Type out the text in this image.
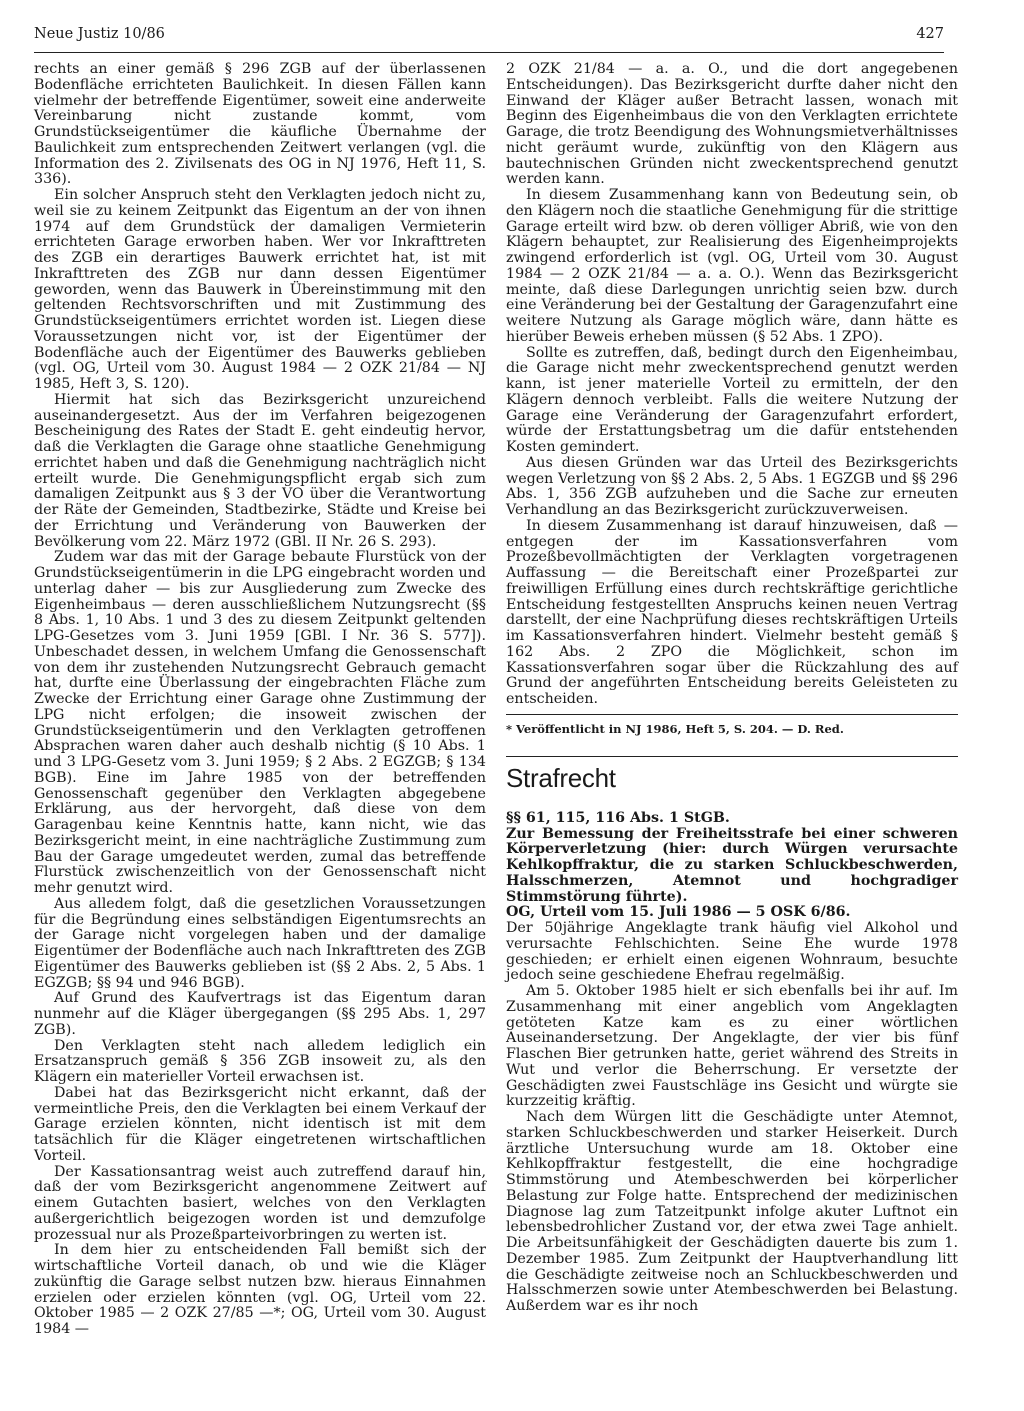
Neue Justiz 10/86	427

rechts an einer gemäß § 296 ZGB auf der überlassenen Bodenfläche errichteten Baulichkeit. In diesen Fällen kann vielmehr der betreffende Eigentümer, soweit eine anderweite Vereinbarung nicht zustande kommt, vom Grundstückseigentümer die käufliche Übernahme der Baulichkeit zum entsprechenden Zeitwert verlangen (vgl. die Information des 2. Zivilsenats des OG in NJ 1976, Heft 11, S. 336).

Ein solcher Anspruch steht den Verklagten jedoch nicht zu, weil sie zu keinem Zeitpunkt das Eigentum an der von ihnen 1974 auf dem Grundstück der damaligen Vermieterin errichteten Garage erworben haben. Wer vor Inkrafttreten des ZGB ein derartiges Bauwerk errichtet hat, ist mit Inkrafttreten des ZGB nur dann dessen Eigentümer geworden, wenn das Bauwerk in Übereinstimmung mit den geltenden Rechtsvorschriften und mit Zustimmung des Grundstückseigentümers errichtet worden ist. Liegen diese Voraussetzungen nicht vor, ist der Eigentümer der Bodenfläche auch der Eigentümer des Bauwerks geblieben (vgl. OG, Urteil vom 30. August 1984 — 2 OZK 21/84 — NJ 1985, Heft 3, S. 120).

Hiermit hat sich das Bezirksgericht unzureichend auseinandergesetzt. Aus der im Verfahren beigezogenen Bescheinigung des Rates der Stadt E. geht eindeutig hervor, daß die Verklagten die Garage ohne staatliche Genehmigung errichtet haben und daß die Genehmigung nachträglich nicht erteilt wurde. Die Genehmigungspflicht ergab sich zum damaligen Zeitpunkt aus § 3 der VO über die Verantwortung der Räte der Gemeinden, Stadtbezirke, Städte und Kreise bei der Errichtung und Veränderung von Bauwerken der Bevölkerung vom 22. März 1972 (GBl. II Nr. 26 S. 293).

Zudem war das mit der Garage bebaute Flurstück von der Grundstückseigentümerin in die LPG eingebracht worden und unterlag daher — bis zur Ausgliederung zum Zwecke des Eigenheimbaus — deren ausschließlichem Nutzungsrecht (§§ 8 Abs. 1, 10 Abs. 1 und 3 des zu diesem Zeitpunkt geltenden LPG-Gesetzes vom 3. Juni 1959 [GBl. I Nr. 36 S. 577]). Unbeschadet dessen, in welchem Umfang die Genossenschaft von dem ihr zustehenden Nutzungsrecht Gebrauch gemacht hat, durfte eine Überlassung der eingebrachten Fläche zum Zwecke der Errichtung einer Garage ohne Zustimmung der LPG nicht erfolgen; die insoweit zwischen der Grundstückseigentümerin und den Verklagten getroffenen Absprachen waren daher auch deshalb nichtig (§ 10 Abs. 1 und 3 LPG-Gesetz vom 3. Juni 1959; § 2 Abs. 2 EGZGB; § 134 BGB). Eine im Jahre 1985 von der betreffenden Genossenschaft gegenüber den Verklagten abgegebene Erklärung, aus der hervorgeht, daß diese von dem Garagenbau keine Kenntnis hatte, kann nicht, wie das Bezirksgericht meint, in eine nachträgliche Zustimmung zum Bau der Garage umgedeutet werden, zumal das betreffende Flurstück zwischenzeitlich von der Genossenschaft nicht mehr genutzt wird.

Aus alledem folgt, daß die gesetzlichen Voraussetzungen für die Begründung eines selbständigen Eigentumsrechts an der Garage nicht vorgelegen haben und der damalige Eigentümer der Bodenfläche auch nach Inkrafttreten des ZGB Eigentümer des Bauwerks geblieben ist (§§ 2 Abs. 2, 5 Abs. 1 EGZGB; §§ 94 und 946 BGB).

Auf Grund des Kaufvertrags ist das Eigentum daran nunmehr auf die Kläger übergegangen (§§ 295 Abs. 1, 297 ZGB).

Den Verklagten steht nach alledem lediglich ein Ersatzanspruch gemäß § 356 ZGB insoweit zu, als den Klägern ein materieller Vorteil erwachsen ist.

Dabei hat das Bezirksgericht nicht erkannt, daß der vermeintliche Preis, den die Verklagten bei einem Verkauf der Garage erzielen könnten, nicht identisch ist mit dem tatsächlich für die Kläger eingetretenen wirtschaftlichen Vorteil.

Der Kassationsantrag weist auch zutreffend darauf hin, daß der vom Bezirksgericht angenommene Zeitwert auf einem Gutachten basiert, welches von den Verklagten außergerichtlich beigezogen worden ist und demzufolge prozessual nur als Prozeßparteivorbringen zu werten ist.

In dem hier zu entscheidenden Fall bemißt sich der wirtschaftliche Vorteil danach, ob und wie die Kläger zukünftig die Garage selbst nutzen bzw. hieraus Einnahmen erzielen oder erzielen könnten (vgl. OG, Urteil vom 22. Oktober 1985 — 2 OZK 27/85 —*; OG, Urteil vom 30. August 1984 —

2 OZK 21/84 — a. a. O., und die dort angegebenen Entscheidungen). Das Bezirksgericht durfte daher nicht den Einwand der Kläger außer Betracht lassen, wonach mit Beginn des Eigenheimbaus die von den Verklagten errichtete Garage, die trotz Beendigung des Wohnungsmietverhältnisses nicht geräumt wurde, zukünftig von den Klägern aus bautechnischen Gründen nicht zweckentsprechend genutzt werden kann.

In diesem Zusammenhang kann von Bedeutung sein, ob den Klägern noch die staatliche Genehmigung für die strittige Garage erteilt wird bzw. ob deren völliger Abriß, wie von den Klägern behauptet, zur Realisierung des Eigenheimprojekts zwingend erforderlich ist (vgl. OG, Urteil vom 30. August 1984 — 2 OZK 21/84 — a. a. O.). Wenn das Bezirksgericht meinte, daß diese Darlegungen unrichtig seien bzw. durch eine Veränderung bei der Gestaltung der Garagenzufahrt eine weitere Nutzung als Garage möglich wäre, dann hätte es hierüber Beweis erheben müssen (§ 52 Abs. 1 ZPO).

Sollte es zutreffen, daß, bedingt durch den Eigenheimbau, die Garage nicht mehr zweckentsprechend genutzt werden kann, ist jener materielle Vorteil zu ermitteln, der den Klägern dennoch verbleibt. Falls die weitere Nutzung der Garage eine Veränderung der Garagenzufahrt erfordert, würde der Erstattungsbetrag um die dafür entstehenden Kosten gemindert.

Aus diesen Gründen war das Urteil des Bezirksgerichts wegen Verletzung von §§ 2 Abs. 2, 5 Abs. 1 EGZGB und §§ 296 Abs. 1, 356 ZGB aufzuheben und die Sache zur erneuten Verhandlung an das Bezirksgericht zurückzuverweisen.

In diesem Zusammenhang ist darauf hinzuweisen, daß — entgegen der im Kassationsverfahren vom Prozeßbevollmächtigten der Verklagten vorgetragenen Auffassung — die Bereitschaft einer Prozeßpartei zur freiwilligen Erfüllung eines durch rechtskräftige gerichtliche Entscheidung festgestellten Anspruchs keinen neuen Vertrag darstellt, der eine Nachprüfung dieses rechtskräftigen Urteils im Kassationsverfahren hindert. Vielmehr besteht gemäß § 162 Abs. 2 ZPO die Möglichkeit, schon im Kassationsverfahren sogar über die Rückzahlung des auf Grund der angeführten Entscheidung bereits Geleisteten zu entscheiden.

* Veröffentlicht in NJ 1986, Heft 5, S. 204. — D. Red.

Strafrecht

§§ 61, 115, 116 Abs. 1 StGB.

Zur Bemessung der Freiheitsstrafe bei einer schweren Körperverletzung (hier: durch Würgen verursachte Kehlkopffraktur, die zu starken Schluckbeschwerden, Halsschmerzen, Atemnot und hochgradiger Stimmstörung führte).

OG, Urteil vom 15. Juli 1986 — 5 OSK 6/86.

Der 50jährige Angeklagte trank häufig viel Alkohol und verursachte Fehlschichten. Seine Ehe wurde 1978 geschieden; er erhielt einen eigenen Wohnraum, besuchte jedoch seine geschiedene Ehefrau regelmäßig.

Am 5. Oktober 1985 hielt er sich ebenfalls bei ihr auf. Im Zusammenhang mit einer angeblich vom Angeklagten getöteten Katze kam es zu einer wörtlichen Auseinandersetzung. Der Angeklagte, der vier bis fünf Flaschen Bier getrunken hatte, geriet während des Streits in Wut und verlor die Beherrschung. Er versetzte der Geschädigten zwei Faustschläge ins Gesicht und würgte sie kurzzeitig kräftig.

Nach dem Würgen litt die Geschädigte unter Atemnot, starken Schluckbeschwerden und starker Heiserkeit. Durch ärztliche Untersuchung wurde am 18. Oktober eine Kehlkopffraktur festgestellt, die eine hochgradige Stimmstörung und Atembeschwerden bei körperlicher Belastung zur Folge hatte. Entsprechend der medizinischen Diagnose lag zum Tatzeitpunkt infolge akuter Luftnot ein lebensbedrohlicher Zustand vor, der etwa zwei Tage anhielt. Die Arbeitsunfähigkeit der Geschädigten dauerte bis zum 1. Dezember 1985. Zum Zeitpunkt der Hauptverhandlung litt die Geschädigte zeitweise noch an Schluckbeschwerden und Halsschmerzen sowie unter Atembeschwerden bei Belastung. Außerdem war es ihr noch
